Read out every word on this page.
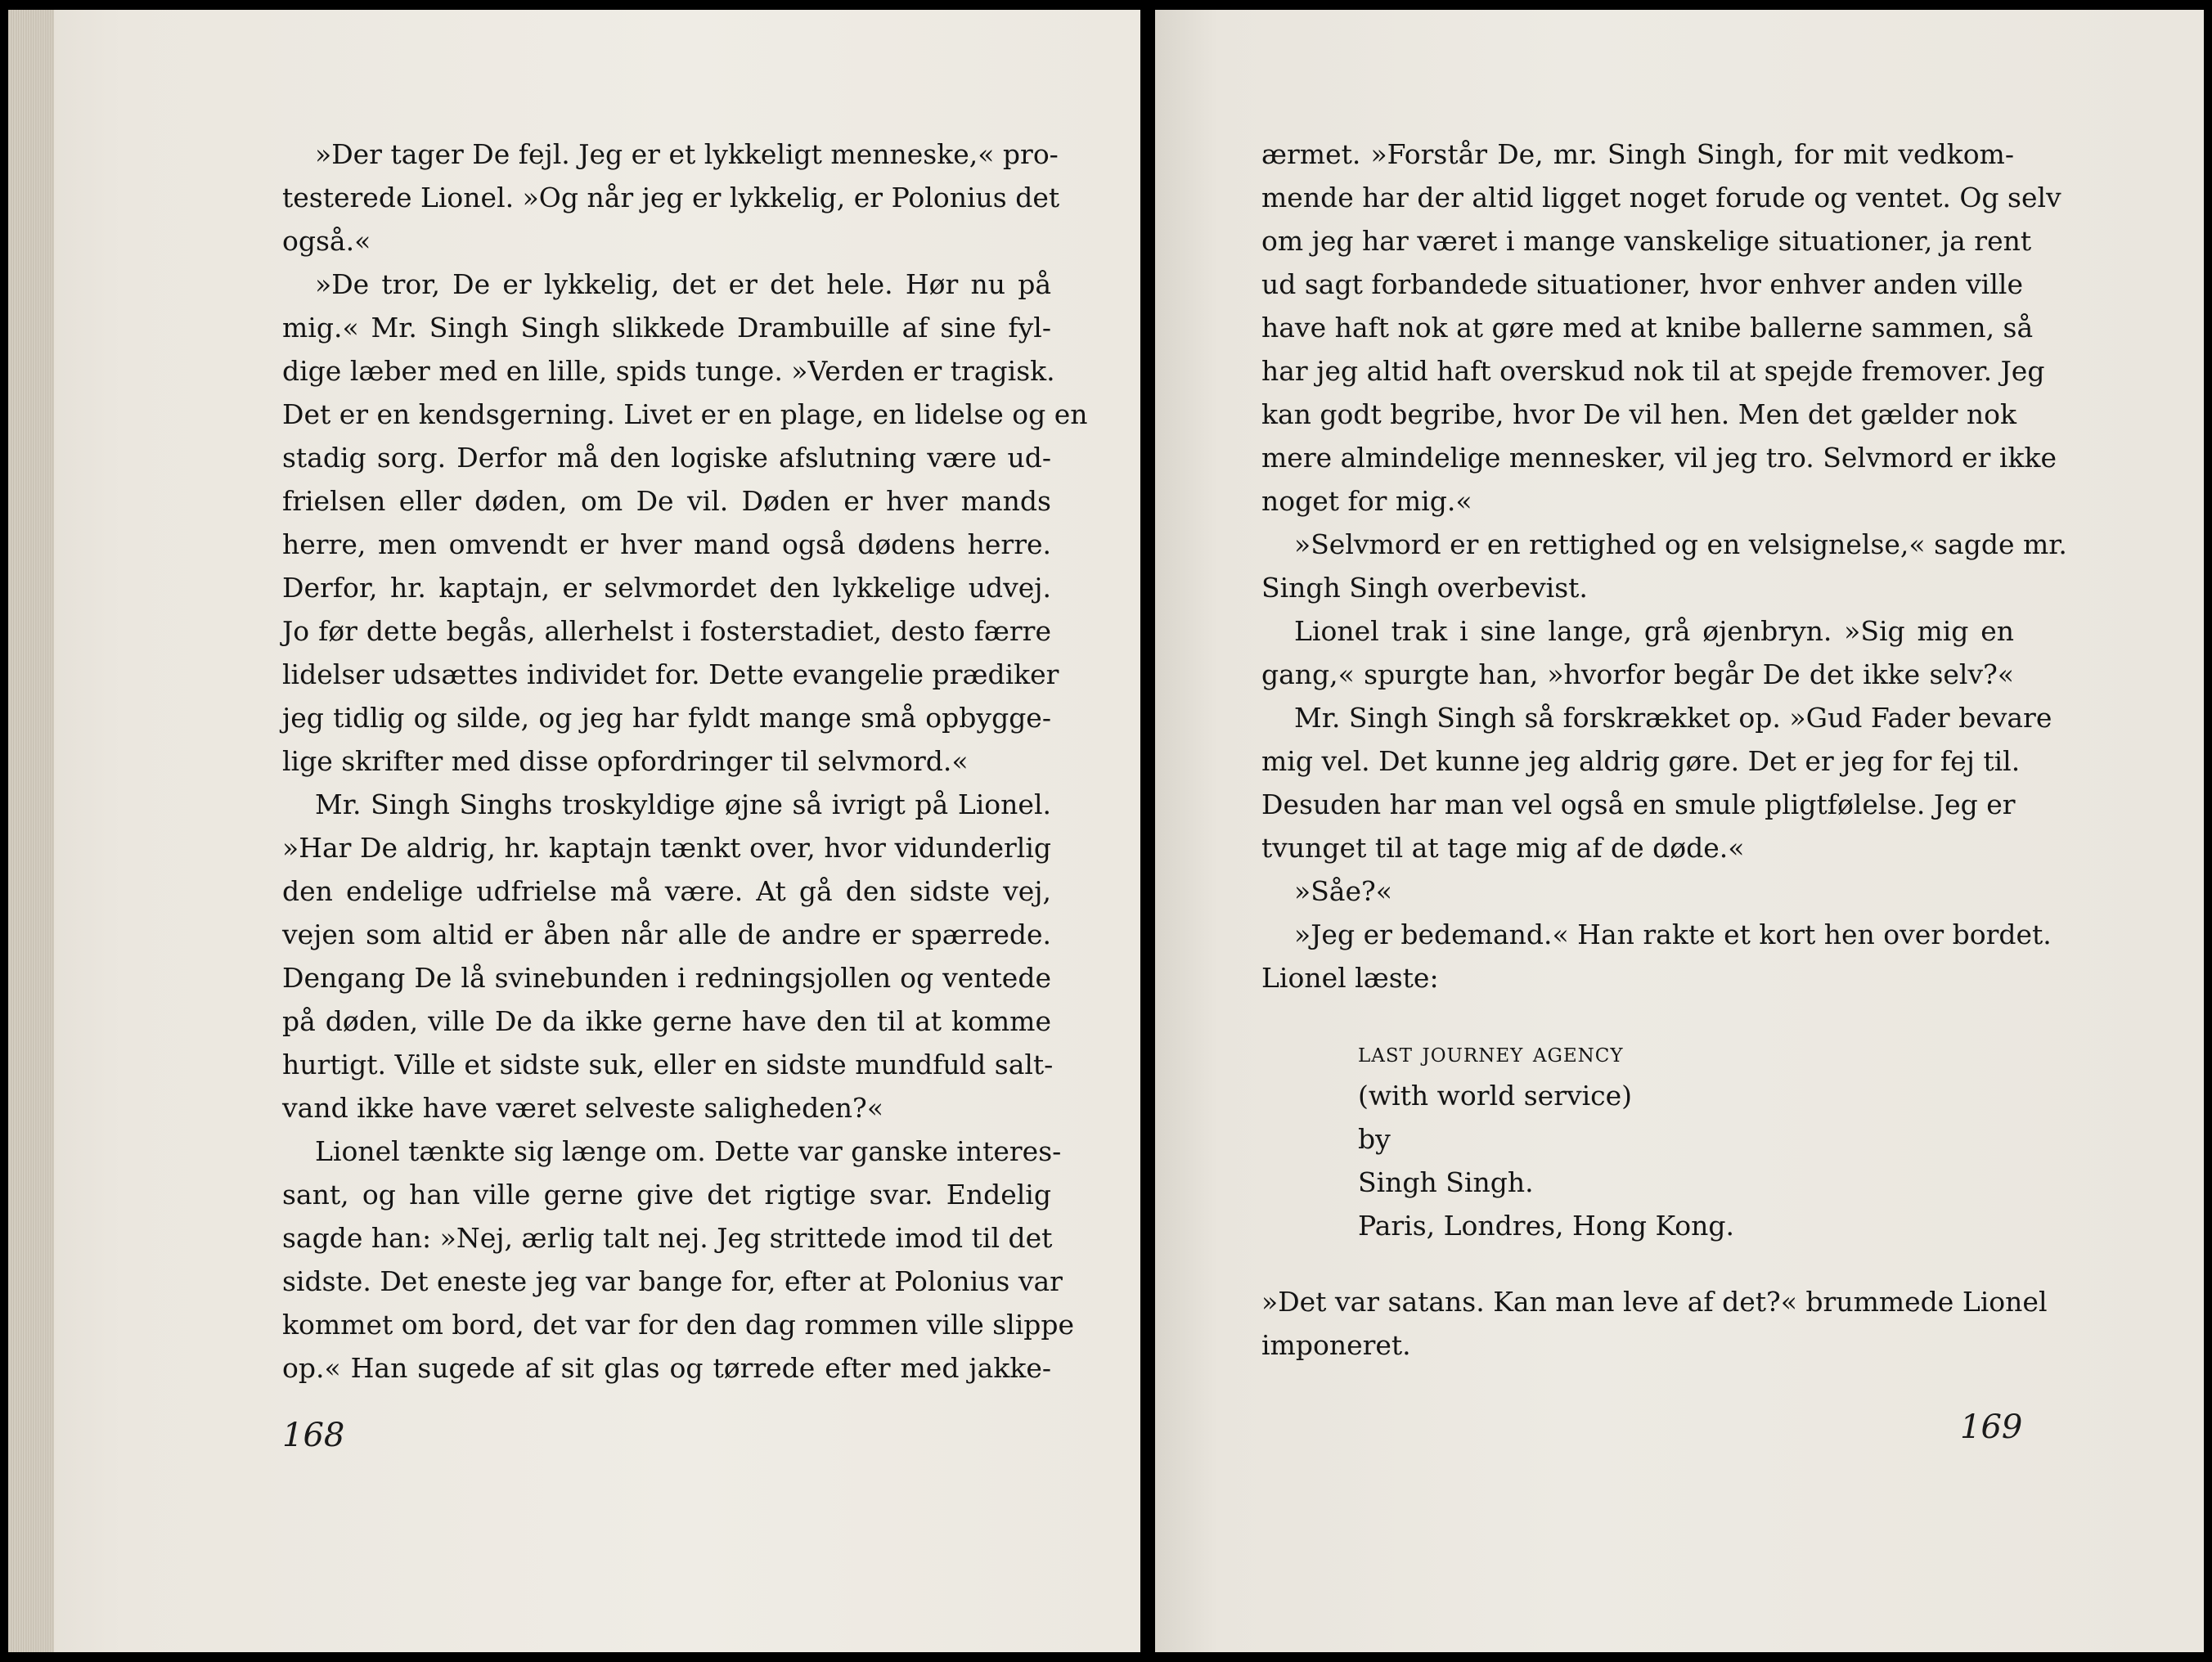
»Der tager De fejl. Jeg er et lykkeligt menneske,« pro-
testerede Lionel. »Og når jeg er lykkelig, er Polonius det
også.«
»De tror, De er lykkelig, det er det hele. Hør nu på
mig.« Mr. Singh Singh slikkede Drambuille af sine fyl-
dige læber med en lille, spids tunge. »Verden er tragisk.
Det er en kendsgerning. Livet er en plage, en lidelse og en
stadig sorg. Derfor må den logiske afslutning være ud-
frielsen eller døden, om De vil. Døden er hver mands
herre, men omvendt er hver mand også dødens herre.
Derfor, hr. kaptajn, er selvmordet den lykkelige udvej.
Jo før dette begås, allerhelst i fosterstadiet, desto færre
lidelser udsættes individet for. Dette evangelie prædiker
jeg tidlig og silde, og jeg har fyldt mange små opbygge-
lige skrifter med disse opfordringer til selvmord.«
Mr. Singh Singhs troskyldige øjne så ivrigt på Lionel.
»Har De aldrig, hr. kaptajn tænkt over, hvor vidunderlig
den endelige udfrielse må være. At gå den sidste vej,
vejen som altid er åben når alle de andre er spærrede.
Dengang De lå svinebunden i redningsjollen og ventede
på døden, ville De da ikke gerne have den til at komme
hurtigt. Ville et sidste suk, eller en sidste mundfuld salt-
vand ikke have været selveste saligheden?«
Lionel tænkte sig længe om. Dette var ganske interes-
sant, og han ville gerne give det rigtige svar. Endelig
sagde han: »Nej, ærlig talt nej. Jeg strittede imod til det
sidste. Det eneste jeg var bange for, efter at Polonius var
kommet om bord, det var for den dag rommen ville slippe
op.« Han sugede af sit glas og tørrede efter med jakke-
168
ærmet. »Forstår De, mr. Singh Singh, for mit vedkom-
mende har der altid ligget noget forude og ventet. Og selv
om jeg har været i mange vanskelige situationer, ja rent
ud sagt forbandede situationer, hvor enhver anden ville
have haft nok at gøre med at knibe ballerne sammen, så
har jeg altid haft overskud nok til at spejde fremover. Jeg
kan godt begribe, hvor De vil hen. Men det gælder nok
mere almindelige mennesker, vil jeg tro. Selvmord er ikke
noget for mig.«
»Selvmord er en rettighed og en velsignelse,« sagde mr.
Singh Singh overbevist.
Lionel trak i sine lange, grå øjenbryn. »Sig mig en
gang,« spurgte han, »hvorfor begår De det ikke selv?«
Mr. Singh Singh så forskrækket op. »Gud Fader bevare
mig vel. Det kunne jeg aldrig gøre. Det er jeg for fej til.
Desuden har man vel også en smule pligtfølelse. Jeg er
tvunget til at tage mig af de døde.«
»Såe?«
»Jeg er bedemand.« Han rakte et kort hen over bordet.
Lionel læste:
last journey agency
(with world service)
by
Singh Singh.
Paris, Londres, Hong Kong.
»Det var satans. Kan man leve af det?« brummede Lionel
imponeret.
169
